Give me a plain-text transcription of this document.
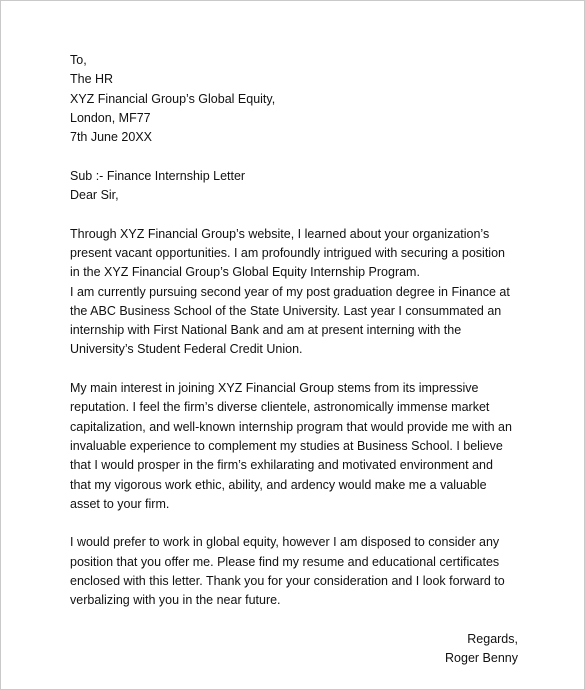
To,
The HR
XYZ Financial Group’s Global Equity,
London, MF77
7th June 20XX
Sub :- Finance Internship Letter
Dear Sir,
Through XYZ Financial Group’s website, I learned about your organization’s
present vacant opportunities. I am profoundly intrigued with securing a position
in the XYZ Financial Group’s Global Equity Internship Program.
I am currently pursuing second year of my post graduation degree in Finance at
the ABC Business School of the State University. Last year I consummated an
internship with First National Bank and am at present interning with the
University’s Student Federal Credit Union.
My main interest in joining XYZ Financial Group stems from its impressive
reputation. I feel the firm’s diverse clientele, astronomically immense market
capitalization, and well-known internship program that would provide me with an
invaluable experience to complement my studies at Business School. I believe
that I would prosper in the firm’s exhilarating and motivated environment and
that my vigorous work ethic, ability, and ardency would make me a valuable
asset to your firm.
I would prefer to work in global equity, however I am disposed to consider any
position that you offer me. Please find my resume and educational certificates
enclosed with this letter. Thank you for your consideration and I look forward to
verbalizing with you in the near future.
Regards,
Roger Benny
